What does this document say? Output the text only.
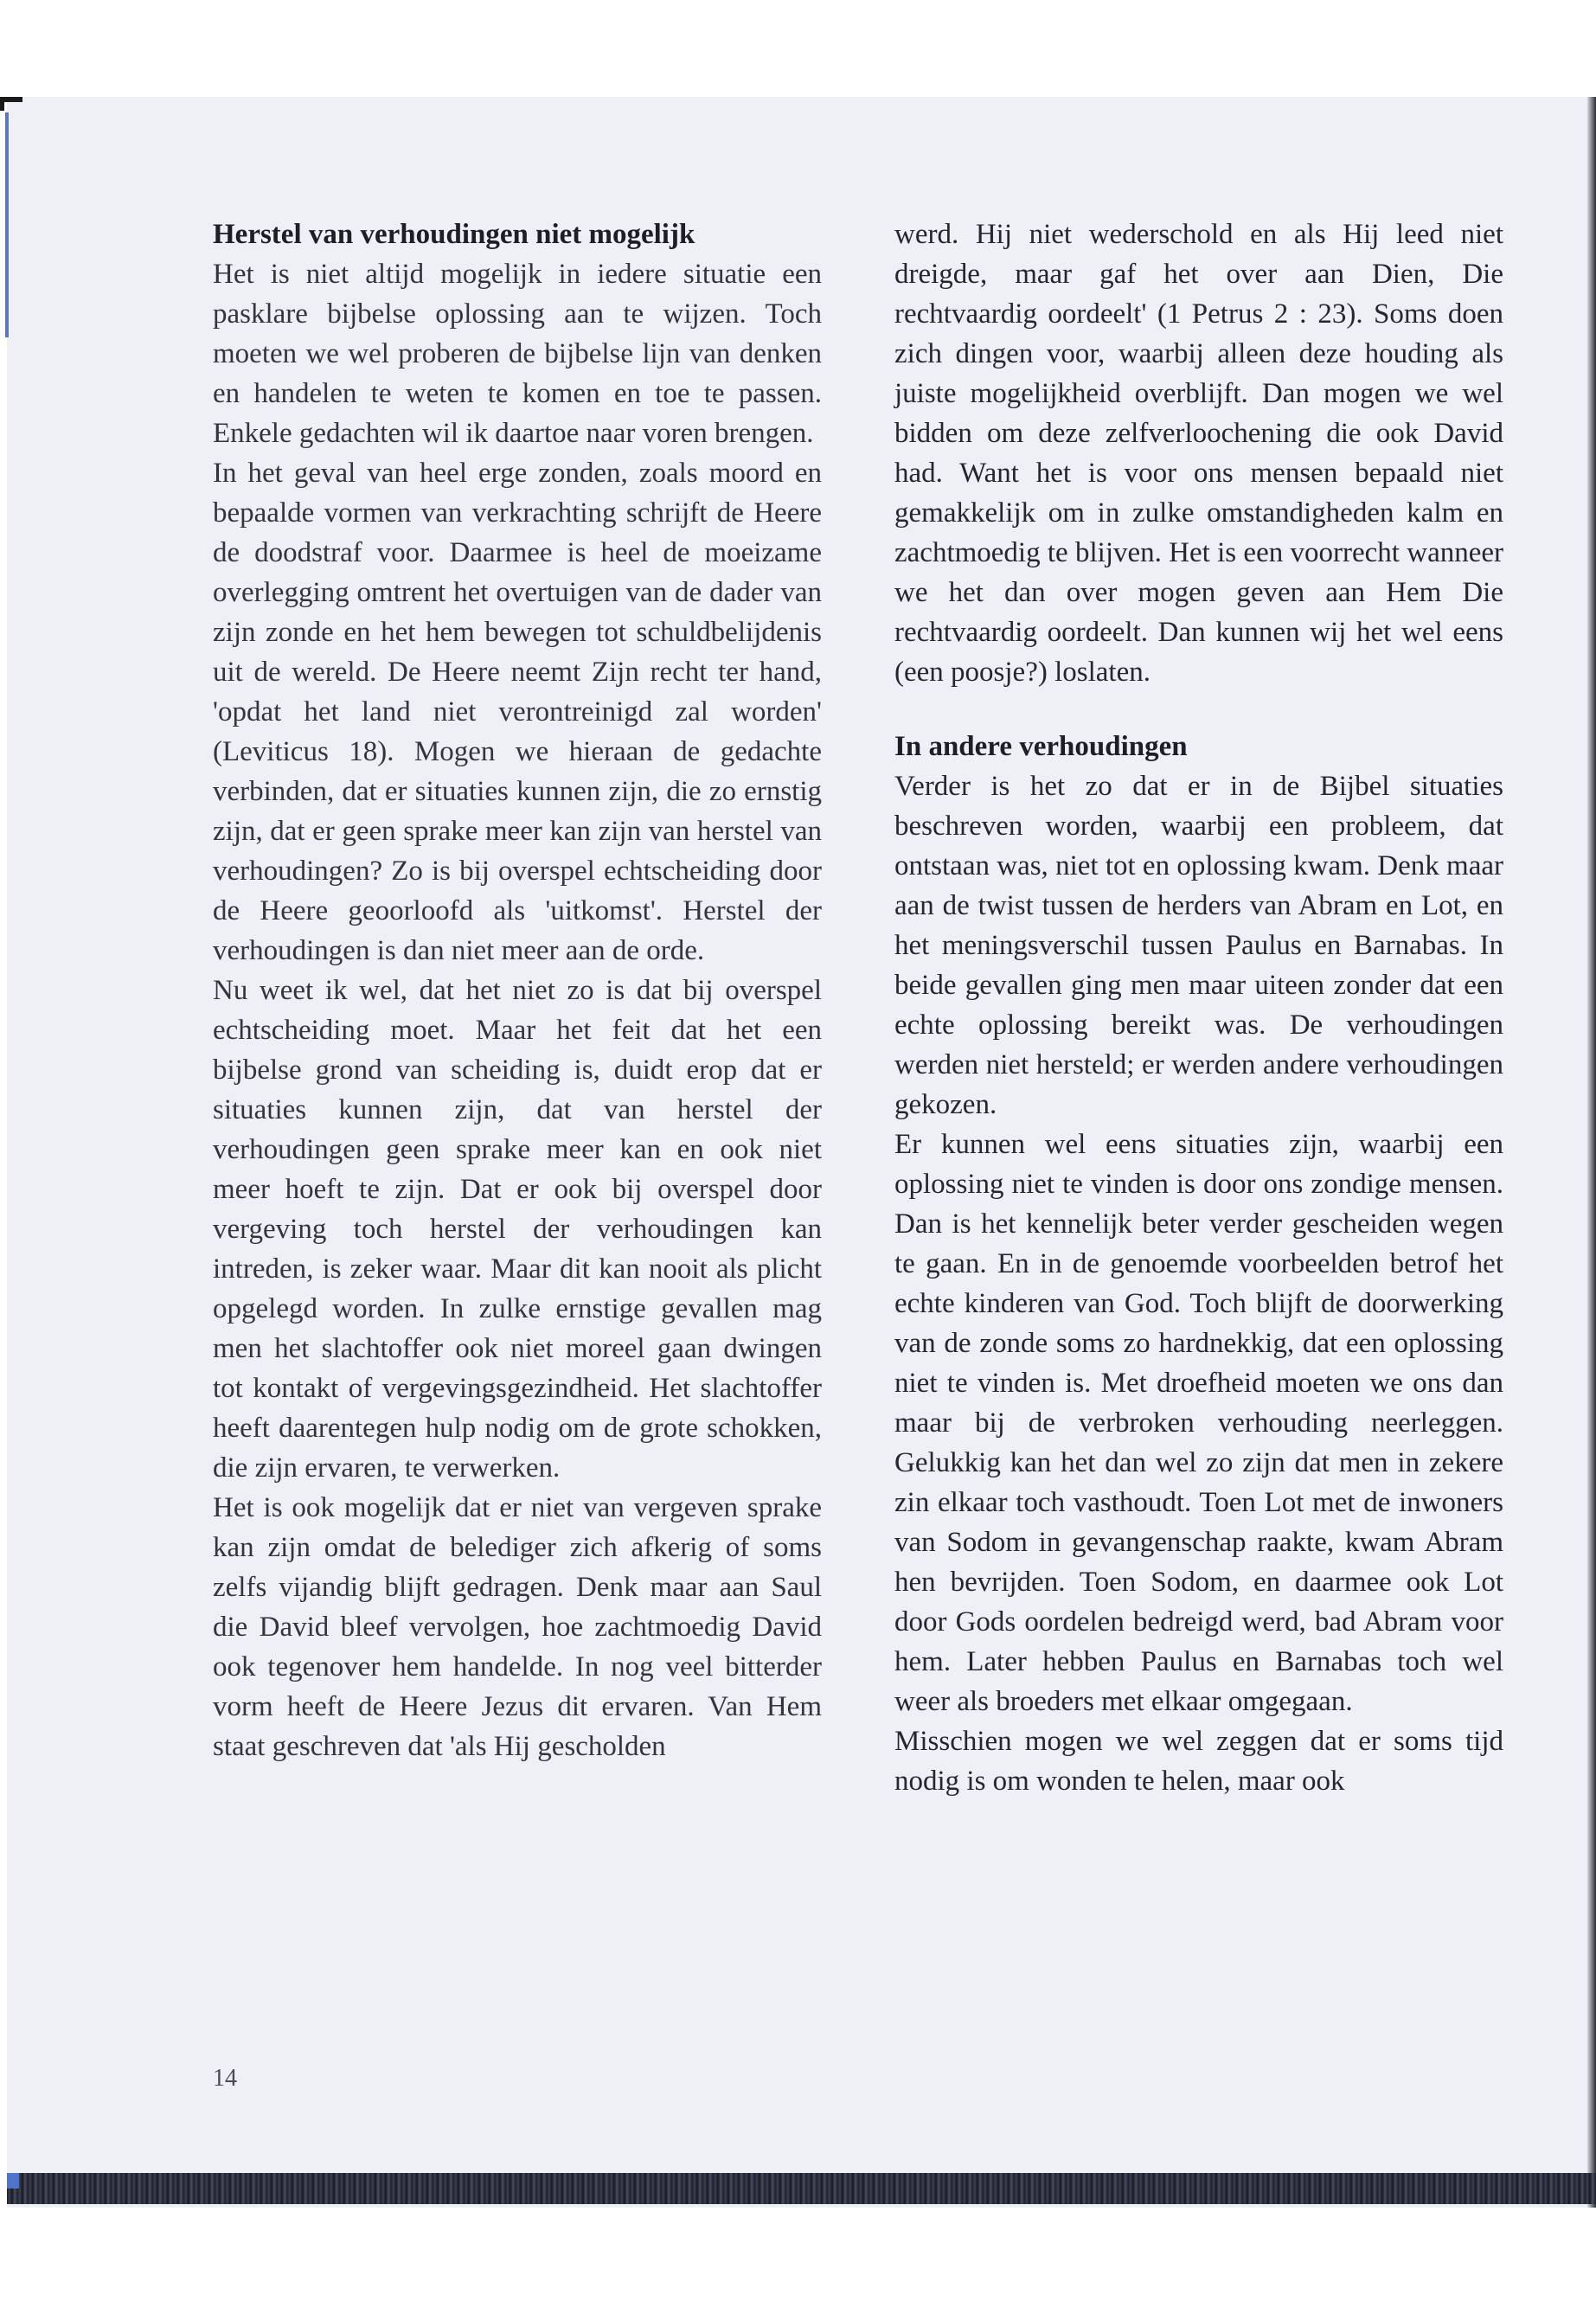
Herstel van verhoudingen niet mogelijk

Het is niet altijd mogelijk in iedere situatie een pasklare bijbelse oplossing aan te wijzen. Toch moeten we wel proberen de bijbelse lijn van denken en handelen te weten te komen en toe te passen. Enkele gedachten wil ik daartoe naar voren brengen.

In het geval van heel erge zonden, zoals moord en bepaalde vormen van verkrachting schrijft de Heere de doodstraf voor. Daarmee is heel de moeizame overlegging omtrent het overtuigen van de dader van zijn zonde en het hem bewegen tot schuldbelijdenis uit de wereld. De Heere neemt Zijn recht ter hand, 'opdat het land niet verontreinigd zal worden' (Leviticus 18). Mogen we hieraan de gedachte verbinden, dat er situaties kunnen zijn, die zo ernstig zijn, dat er geen sprake meer kan zijn van herstel van verhoudingen? Zo is bij overspel echtscheiding door de Heere geoorloofd als 'uitkomst'. Herstel der verhoudingen is dan niet meer aan de orde.

Nu weet ik wel, dat het niet zo is dat bij overspel echtscheiding moet. Maar het feit dat het een bijbelse grond van scheiding is, duidt erop dat er situaties kunnen zijn, dat van herstel der verhoudingen geen sprake meer kan en ook niet meer hoeft te zijn. Dat er ook bij overspel door vergeving toch herstel der verhoudingen kan intreden, is zeker waar. Maar dit kan nooit als plicht opgelegd worden. In zulke ernstige gevallen mag men het slachtoffer ook niet moreel gaan dwingen tot kontakt of vergevingsgezindheid. Het slachtoffer heeft daarentegen hulp nodig om de grote schokken, die zijn ervaren, te verwerken.

Het is ook mogelijk dat er niet van vergeven sprake kan zijn omdat de belediger zich afkerig of soms zelfs vijandig blijft gedragen. Denk maar aan Saul die David bleef vervolgen, hoe zachtmoedig David ook tegenover hem handelde. In nog veel bitterder vorm heeft de Heere Jezus dit ervaren. Van Hem staat geschreven dat 'als Hij gescholden

werd. Hij niet wederschold en als Hij leed niet dreigde, maar gaf het over aan Dien, Die rechtvaardig oordeelt' (1 Petrus 2 : 23). Soms doen zich dingen voor, waarbij alleen deze houding als juiste mogelijkheid overblijft. Dan mogen we wel bidden om deze zelfverloochening die ook David had. Want het is voor ons mensen bepaald niet gemakkelijk om in zulke omstandigheden kalm en zachtmoedig te blijven. Het is een voorrecht wanneer we het dan over mogen geven aan Hem Die rechtvaardig oordeelt. Dan kunnen wij het wel eens (een poosje?) loslaten.

In andere verhoudingen

Verder is het zo dat er in de Bijbel situaties beschreven worden, waarbij een probleem, dat ontstaan was, niet tot en oplossing kwam. Denk maar aan de twist tussen de herders van Abram en Lot, en het meningsverschil tussen Paulus en Barnabas. In beide gevallen ging men maar uiteen zonder dat een echte oplossing bereikt was. De verhoudingen werden niet hersteld; er werden andere verhoudingen gekozen.

Er kunnen wel eens situaties zijn, waarbij een oplossing niet te vinden is door ons zondige mensen. Dan is het kennelijk beter verder gescheiden wegen te gaan. En in de genoemde voorbeelden betrof het echte kinderen van God. Toch blijft de doorwerking van de zonde soms zo hardnekkig, dat een oplossing niet te vinden is. Met droefheid moeten we ons dan maar bij de verbroken verhouding neerleggen. Gelukkig kan het dan wel zo zijn dat men in zekere zin elkaar toch vasthoudt. Toen Lot met de inwoners van Sodom in gevangenschap raakte, kwam Abram hen bevrijden. Toen Sodom, en daarmee ook Lot door Gods oordelen bedreigd werd, bad Abram voor hem. Later hebben Paulus en Barnabas toch wel weer als broeders met elkaar omgegaan.

Misschien mogen we wel zeggen dat er soms tijd nodig is om wonden te helen, maar ook

14
